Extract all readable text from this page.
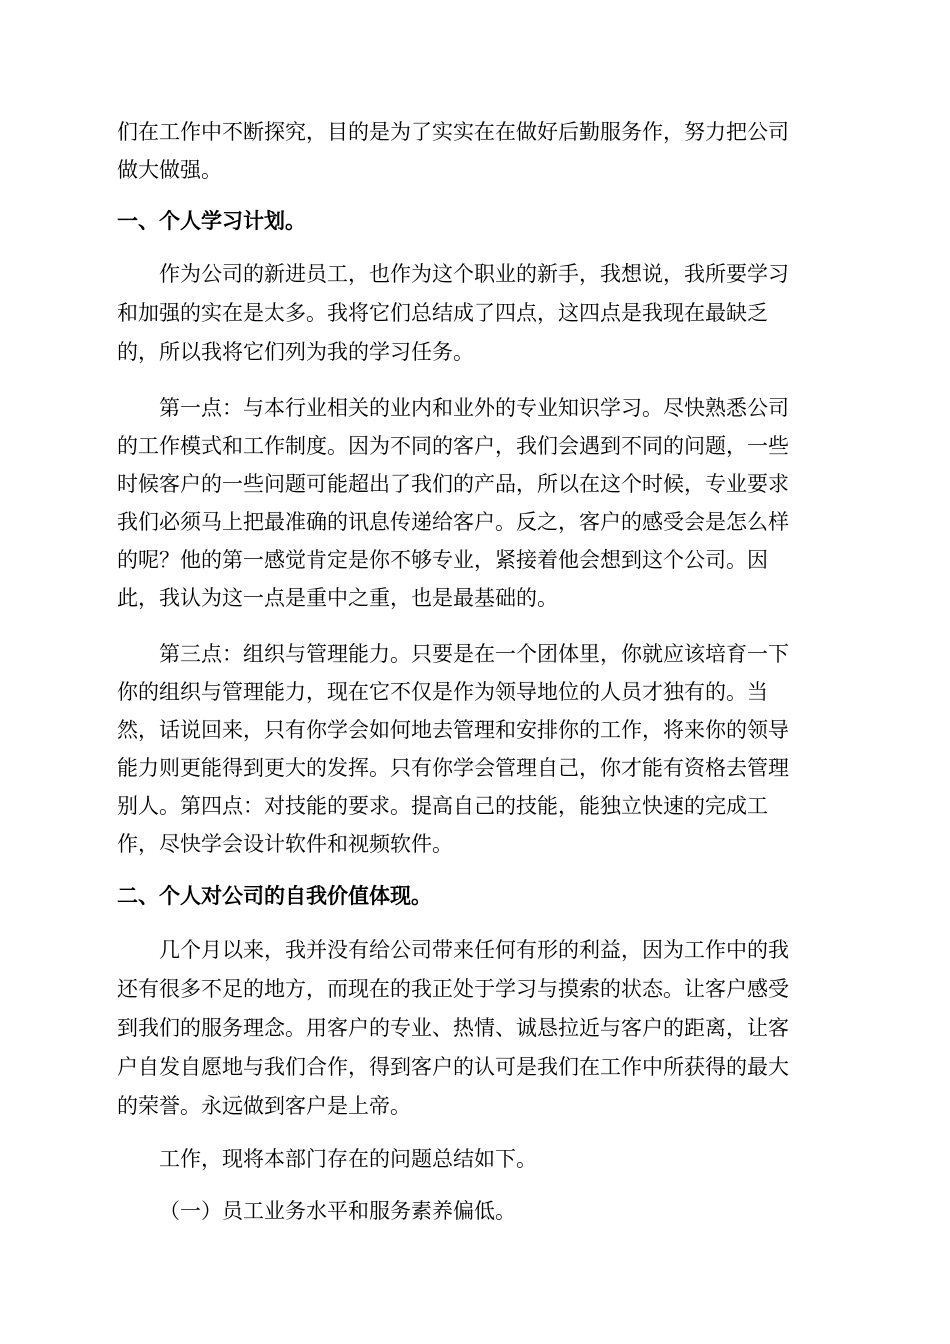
们在工作中不断探究，目的是为了实实在在做好后勤服务作，努力把公司
做大做强。
一、个人学习计划。
作为公司的新进员工，也作为这个职业的新手，我想说，我所要学习
和加强的实在是太多。我将它们总结成了四点，这四点是我现在最缺乏
的，所以我将它们列为我的学习任务。
第一点：与本行业相关的业内和业外的专业知识学习。尽快熟悉公司
的工作模式和工作制度。因为不同的客户，我们会遇到不同的问题，一些
时候客户的一些问题可能超出了我们的产品，所以在这个时候，专业要求
我们必须马上把最准确的讯息传递给客户。反之，客户的感受会是怎么样
的呢？他的第一感觉肯定是你不够专业，紧接着他会想到这个公司。因
此，我认为这一点是重中之重，也是最基础的。
第三点：组织与管理能力。只要是在一个团体里，你就应该培育一下
你的组织与管理能力，现在它不仅是作为领导地位的人员才独有的。当
然，话说回来，只有你学会如何地去管理和安排你的工作，将来你的领导
能力则更能得到更大的发挥。只有你学会管理自己，你才能有资格去管理
别人。第四点：对技能的要求。提高自己的技能，能独立快速的完成工
作，尽快学会设计软件和视频软件。
二、个人对公司的自我价值体现。
几个月以来，我并没有给公司带来任何有形的利益，因为工作中的我
还有很多不足的地方，而现在的我正处于学习与摸索的状态。让客户感受
到我们的服务理念。用客户的专业、热情、诚恳拉近与客户的距离，让客
户自发自愿地与我们合作，得到客户的认可是我们在工作中所获得的最大
的荣誉。永远做到客户是上帝。
工作，现将本部门存在的问题总结如下。
（一）员工业务水平和服务素养偏低。
